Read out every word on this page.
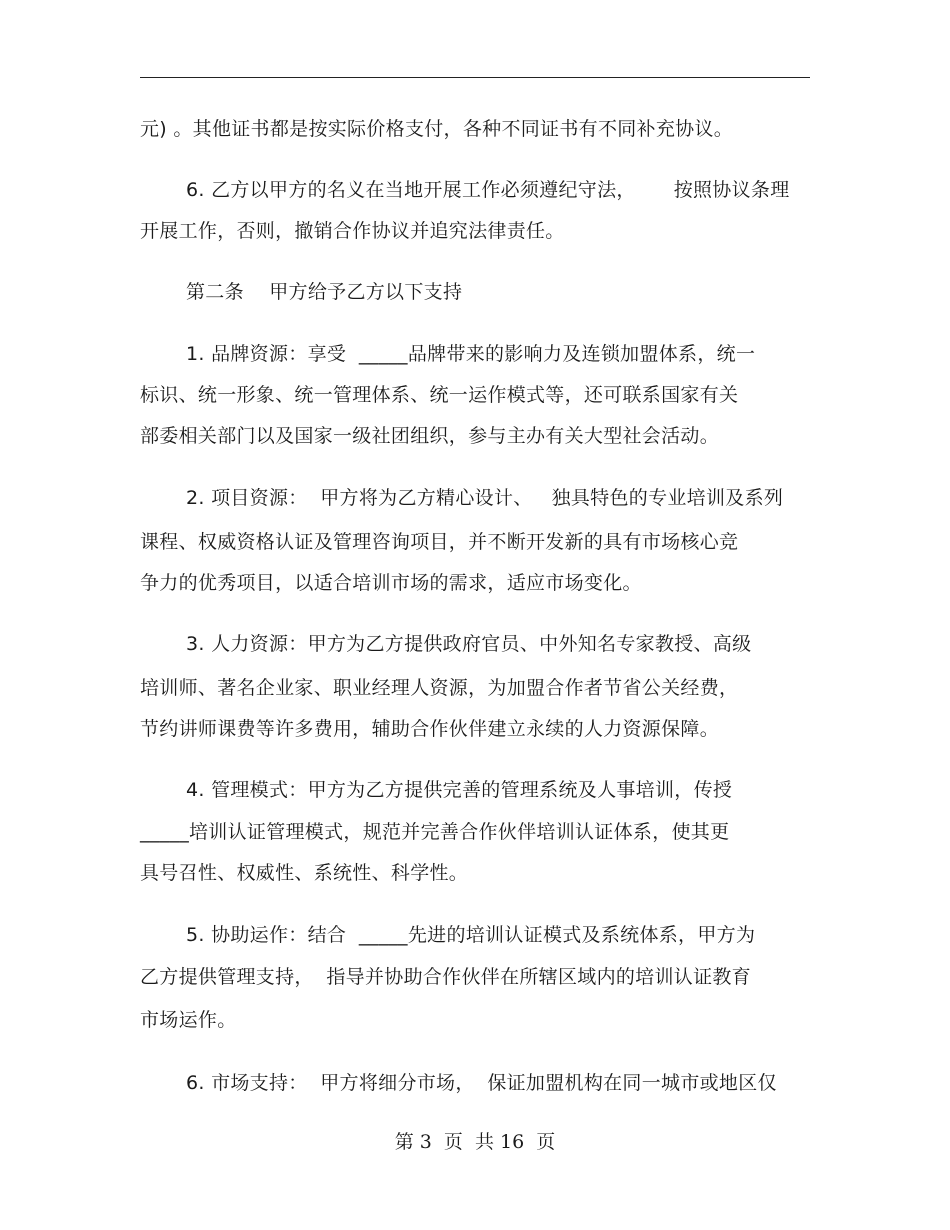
元) 。其他证书都是按实际价格支付，各种不同证书有不同补充协议。
6. 乙方以甲方的名义在当地开展工作必须遵纪守法，      按照协议条理
开展工作，否则，撤销合作协议并追究法律责任。
第二条    甲方给予乙方以下支持
1. 品牌资源：享受  _____品牌带来的影响力及连锁加盟体系，统一
标识、统一形象、统一管理体系、统一运作模式等，还可联系国家有关
部委相关部门以及国家一级社团组织，参与主办有关大型社会活动。
2. 项目资源：  甲方将为乙方精心设计、   独具特色的专业培训及系列
课程、权威资格认证及管理咨询项目，并不断开发新的具有市场核心竞
争力的优秀项目，以适合培训市场的需求，适应市场变化。
3. 人力资源：甲方为乙方提供政府官员、中外知名专家教授、高级
培训师、著名企业家、职业经理人资源，为加盟合作者节省公关经费，
节约讲师课费等许多费用，辅助合作伙伴建立永续的人力资源保障。
4. 管理模式：甲方为乙方提供完善的管理系统及人事培训，传授
_____培训认证管理模式，规范并完善合作伙伴培训认证体系，使其更
具号召性、权威性、系统性、科学性。
5. 协助运作：结合  _____先进的培训认证模式及系统体系，甲方为
乙方提供管理支持，  指导并协助合作伙伴在所辖区域内的培训认证教育
市场运作。
6. 市场支持：  甲方将细分市场，  保证加盟机构在同一城市或地区仅
第 3  页  共 16  页
